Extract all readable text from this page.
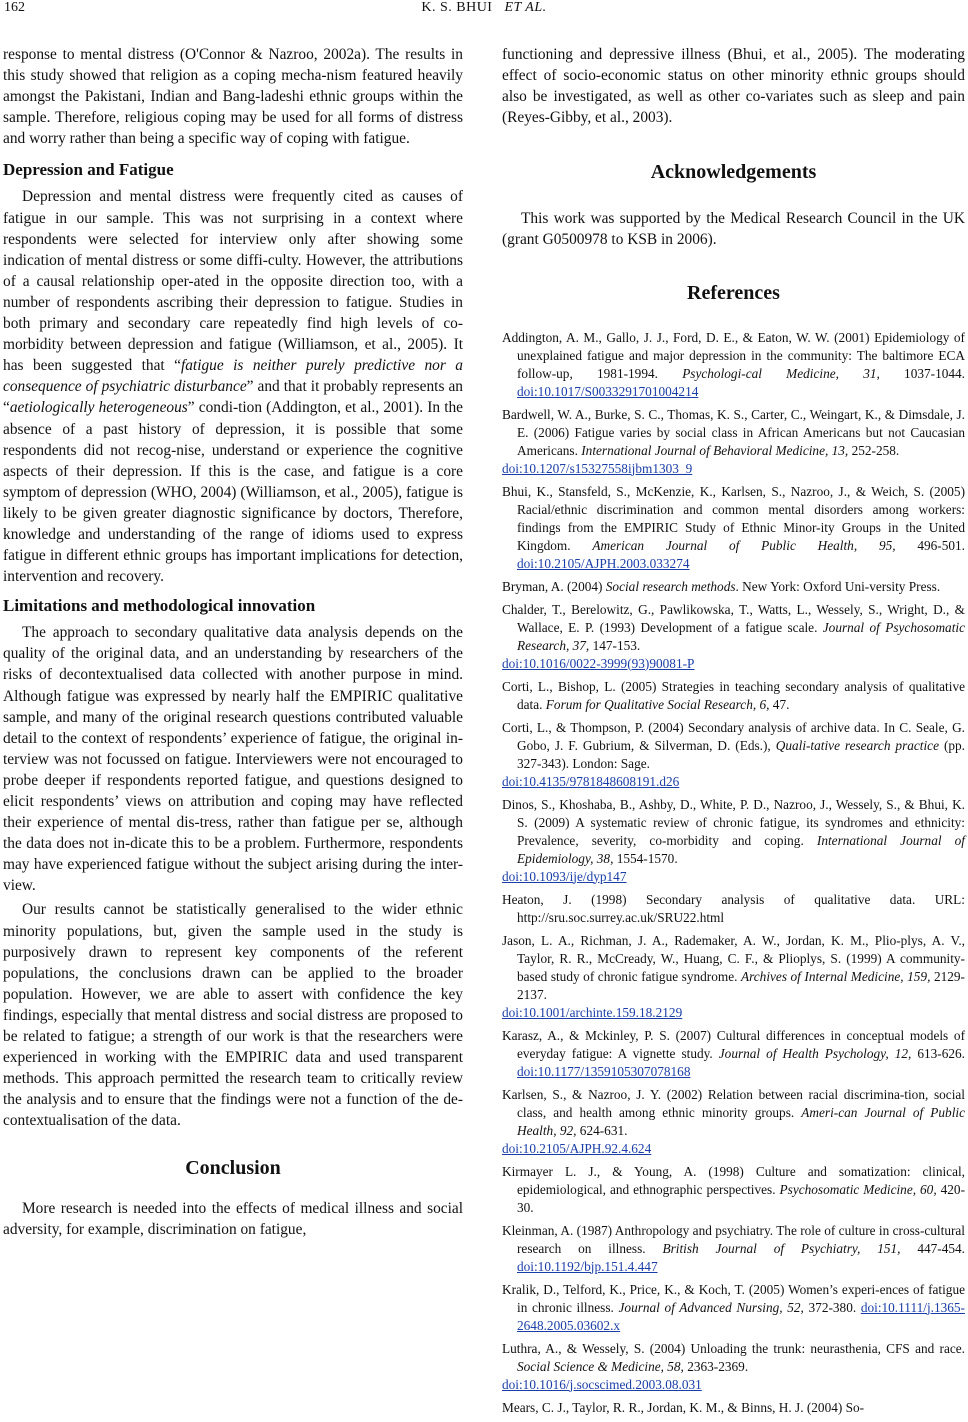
162	K. S. BHUI ET AL.

response to mental distress (O'Connor & Nazroo, 2002a). The results in this study showed that religion as a coping mecha-nism featured heavily amongst the Pakistani, Indian and Bang-ladeshi ethnic groups within the sample. Therefore, religious coping may be used for all forms of distress and worry rather than being a specific way of coping with fatigue.

Depression and Fatigue

Depression and mental distress were frequently cited as causes of fatigue in our sample. This was not surprising in a context where respondents were selected for interview only after showing some indication of mental distress or some diffi-culty. However, the attributions of a causal relationship oper-ated in the opposite direction too, with a number of respondents ascribing their depression to fatigue. Studies in both primary and secondary care repeatedly find high levels of co-morbidity between depression and fatigue (Williamson, et al., 2005). It has been suggested that “fatigue is neither purely predictive nor a consequence of psychiatric disturbance” and that it probably represents an “aetiologically heterogeneous” condi-tion (Addington, et al., 2001). In the absence of a past history of depression, it is possible that some respondents did not recog-nise, understand or experience the cognitive aspects of their depression. If this is the case, and fatigue is a core symptom of depression (WHO, 2004) (Williamson, et al., 2005), fatigue is likely to be given greater diagnostic significance by doctors, Therefore, knowledge and understanding of the range of idioms used to express fatigue in different ethnic groups has important implications for detection, intervention and recovery.

Limitations and methodological innovation

The approach to secondary qualitative data analysis depends on the quality of the original data, and an understanding by researchers of the risks of decontextualised data collected with another purpose in mind. Although fatigue was expressed by nearly half the EMPIRIC qualitative sample, and many of the original research questions contributed valuable detail to the context of respondents’ experience of fatigue, the original in-terview was not focussed on fatigue. Interviewers were not encouraged to probe deeper if respondents reported fatigue, and questions designed to elicit respondents’ views on attribution and coping may have reflected their experience of mental dis-tress, rather than fatigue per se, although the data does not in-dicate this to be a problem. Furthermore, respondents may have experienced fatigue without the subject arising during the inter-view.

Our results cannot be statistically generalised to the wider ethnic minority populations, but, given the sample used in the study is purposively drawn to represent key components of the referent populations, the conclusions drawn can be applied to the broader population. However, we are able to assert with confidence the key findings, especially that mental distress and social distress are proposed to be related to fatigue; a strength of our work is that the researchers were experienced in working with the EMPIRIC data and used transparent methods. This approach permitted the research team to critically review the analysis and to ensure that the findings were not a function of the de-contextualisation of the data.

Conclusion

More research is needed into the effects of medical illness and social adversity, for example, discrimination on fatigue,

functioning and depressive illness (Bhui, et al., 2005). The moderating effect of socio-economic status on other minority ethnic groups should also be investigated, as well as other co-variates such as sleep and pain (Reyes-Gibby, et al., 2003).

Acknowledgements

This work was supported by the Medical Research Council in the UK (grant G0500978 to KSB in 2006).

References

Addington, A. M., Gallo, J. J., Ford, D. E., & Eaton, W. W. (2001) Epidemiology of unexplained fatigue and major depression in the community: The baltimore ECA follow-up, 1981-1994. Psychologi-cal Medicine, 31, 1037-1044. doi:10.1017/S0033291701004214

Bardwell, W. A., Burke, S. C., Thomas, K. S., Carter, C., Weingart, K., & Dimsdale, J. E. (2006) Fatigue varies by social class in African Americans but not Caucasian Americans. International Journal of Behavioral Medicine, 13, 252-258.
doi:10.1207/s15327558ijbm1303_9

Bhui, K., Stansfeld, S., McKenzie, K., Karlsen, S., Nazroo, J., & Weich, S. (2005) Racial/ethnic discrimination and common mental disorders among workers: findings from the EMPIRIC Study of Ethnic Minor-ity Groups in the United Kingdom. American Journal of Public Health, 95, 496-501. doi:10.2105/AJPH.2003.033274

Bryman, A. (2004) Social research methods. New York: Oxford Uni-versity Press.

Chalder, T., Berelowitz, G., Pawlikowska, T., Watts, L., Wessely, S., Wright, D., & Wallace, E. P. (1993) Development of a fatigue scale. Journal of Psychosomatic Research, 37, 147-153.
doi:10.1016/0022-3999(93)90081-P

Corti, L., Bishop, L. (2005) Strategies in teaching secondary analysis of qualitative data. Forum for Qualitative Social Research, 6, 47.

Corti, L., & Thompson, P. (2004) Secondary analysis of archive data. In C. Seale, G. Gobo, J. F. Gubrium, & Silverman, D. (Eds.), Quali-tative research practice (pp. 327-343). London: Sage.
doi:10.4135/9781848608191.d26

Dinos, S., Khoshaba, B., Ashby, D., White, P. D., Nazroo, J., Wessely, S., & Bhui, K. S. (2009) A systematic review of chronic fatigue, its syndromes and ethnicity: Prevalence, severity, co-morbidity and coping. International Journal of Epidemiology, 38, 1554-1570.
doi:10.1093/ije/dyp147

Heaton, J. (1998) Secondary analysis of qualitative data. URL: http://sru.soc.surrey.ac.uk/SRU22.html

Jason, L. A., Richman, J. A., Rademaker, A. W., Jordan, K. M., Plio-plys, A. V., Taylor, R. R., McCready, W., Huang, C. F., & Plioplys, S. (1999) A community-based study of chronic fatigue syndrome. Archives of Internal Medicine, 159, 2129-2137.
doi:10.1001/archinte.159.18.2129

Karasz, A., & Mckinley, P. S. (2007) Cultural differences in conceptual models of everyday fatigue: A vignette study. Journal of Health Psychology, 12, 613-626. doi:10.1177/1359105307078168

Karlsen, S., & Nazroo, J. Y. (2002) Relation between racial discrimina-tion, social class, and health among ethnic minority groups. Ameri-can Journal of Public Health, 92, 624-631.
doi:10.2105/AJPH.92.4.624

Kirmayer L. J., & Young, A. (1998) Culture and somatization: clinical, epidemiological, and ethnographic perspectives. Psychosomatic Medicine, 60, 420-30.

Kleinman, A. (1987) Anthropology and psychiatry. The role of culture in cross-cultural research on illness. British Journal of Psychiatry, 151, 447-454. doi:10.1192/bjp.151.4.447

Kralik, D., Telford, K., Price, K., & Koch, T. (2005) Women’s experi-ences of fatigue in chronic illness. Journal of Advanced Nursing, 52, 372-380. doi:10.1111/j.1365-2648.2005.03602.x

Luthra, A., & Wessely, S. (2004) Unloading the trunk: neurasthenia, CFS and race. Social Science & Medicine, 58, 2363-2369.
doi:10.1016/j.socscimed.2003.08.031

Mears, C. J., Taylor, R. R., Jordan, K. M., & Binns, H. J. (2004) So-
